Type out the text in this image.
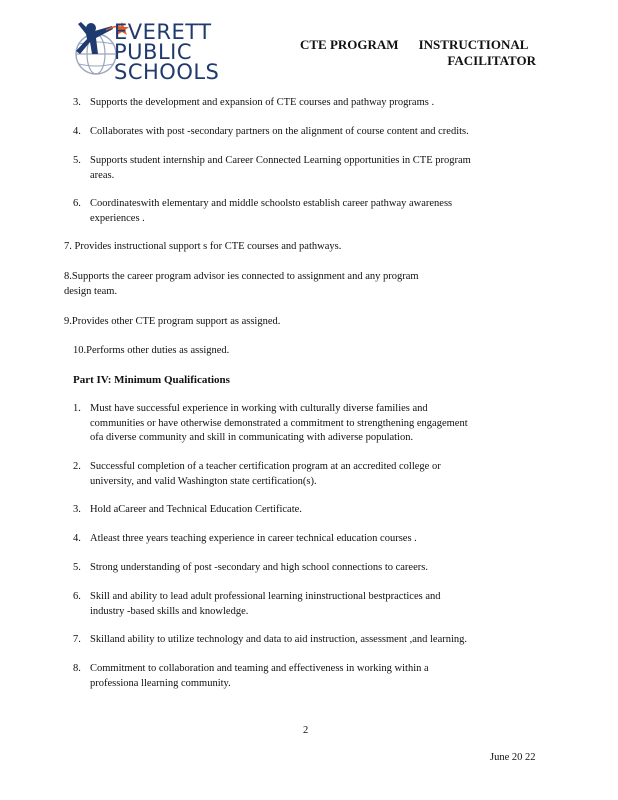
EVERETT
PUBLIC
SCHOOLS
CTE PROGRAM INSTRUCTIONAL
FACILITATOR
3. Supports the development and expansion of CTE courses and pathway programs .
4. Collaborates with post -secondary partners on the alignment of course content and credits.
5. Supports student internship and Career Connected Learning opportunities in CTE program
areas.
6. Coordinateswith elementary and middle schoolsto establish career pathway awareness
experiences .
7. Provides instructional support s for CTE courses and pathways.
8.Supports the career program advisor ies connected to assignment and any program
design team.
9.Provides other CTE program support as assigned.
10.Performs other duties as assigned.
Part IV: Minimum Qualifications
1. Must have successful experience in working with culturally diverse families and
communities or have otherwise demonstrated a commitment to strengthening engagement
ofa diverse community and skill in communicating with adiverse population.
2. Successful completion of a teacher certification program at an accredited college or
university, and valid Washington state certification(s).
3. Hold aCareer and Technical Education Certificate.
4. Atleast three years teaching experience in career technical education courses .
5. Strong understanding of post -secondary and high school connections to careers.
6. Skill and ability to lead adult professional learning ininstructional bestpractices and
industry -based skills and knowledge.
7. Skilland ability to utilize technology and data to aid instruction, assessment ,and learning.
8. Commitment to collaboration and teaming and effectiveness in working within a
professiona llearning community.
2
June 20 22
